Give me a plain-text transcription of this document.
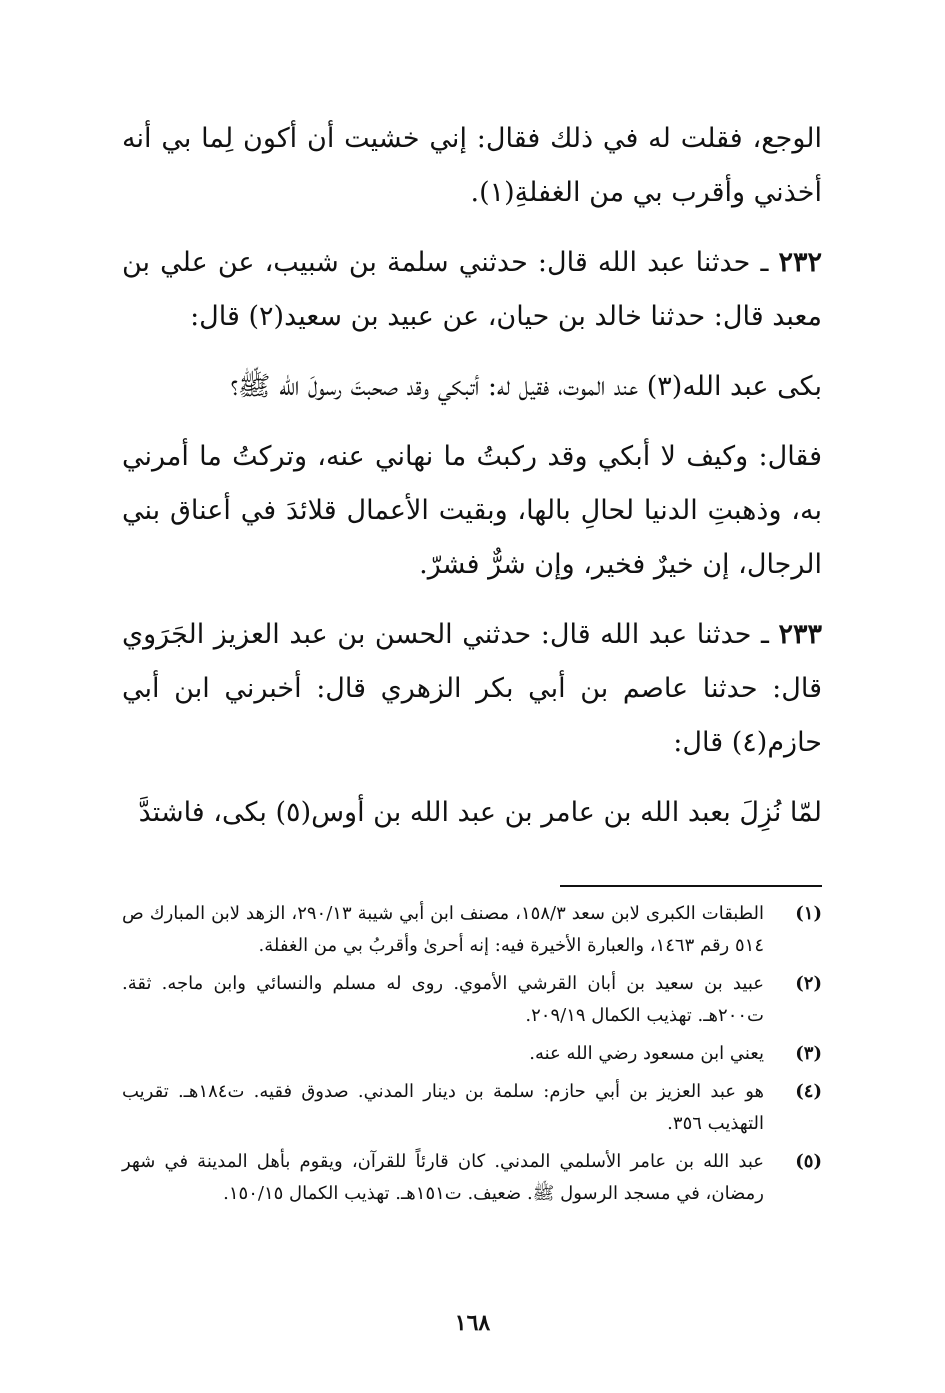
الوجع، فقلت له في ذلك فقال: إني خشيت أن أكون لِما بي أنه أخذني وأقرب بي من الغفلةِ(١).

٢٣٢ ـ حدثنا عبد الله قال: حدثني سلمة بن شبيب، عن علي بن معبد قال: حدثنا خالد بن حيان، عن عبيد بن سعيد(٢) قال:

بكى عبد الله(٣) عند الموت، فقيل له: أتبكي وقد صحبتَ رسولَ الله ﷺ؟

فقال: وكيف لا أبكي وقد ركبتُ ما نهاني عنه، وتركتُ ما أمرني به، وذهبتِ الدنيا لحالِ بالها، وبقيت الأعمال قلائدَ في أعناق بني الرجال، إن خيرٌ فخير، وإن شرٌّ فشرّ.

٢٣٣ ـ حدثنا عبد الله قال: حدثني الحسن بن عبد العزيز الجَرَوي قال: حدثنا عاصم بن أبي بكر الزهري قال: أخبرني ابن أبي حازم(٤) قال:

لمّا نُزِلَ بعبد الله بن عامر بن عبد الله بن أوس(٥) بكى، فاشتدَّ

(١)
الطبقات الكبرى لابن سعد ١٥٨/٣، مصنف ابن أبي شيبة ٢٩٠/١٣، الزهد لابن المبارك ص ٥١٤ رقم ١٤٦٣، والعبارة الأخيرة فيه: إنه أحرىٰ وأقربُ بي من الغفلة.
(٢)
عبيد بن سعيد بن أبان القرشي الأموي. روى له مسلم والنسائي وابن ماجه. ثقة. ت٢٠٠هـ. تهذيب الكمال ٢٠٩/١٩.
(٣)
يعني ابن مسعود رضي الله عنه.
(٤)
هو عبد العزيز بن أبي حازم: سلمة بن دينار المدني. صدوق فقيه. ت١٨٤هـ. تقريب التهذيب ٣٥٦.
(٥)
عبد الله بن عامر الأسلمي المدني. كان قارئاً للقرآن، ويقوم بأهل المدينة في شهر رمضان، في مسجد الرسول ﷺ. ضعيف. ت١٥١هـ. تهذيب الكمال ١٥٠/١٥.
١٦٨
